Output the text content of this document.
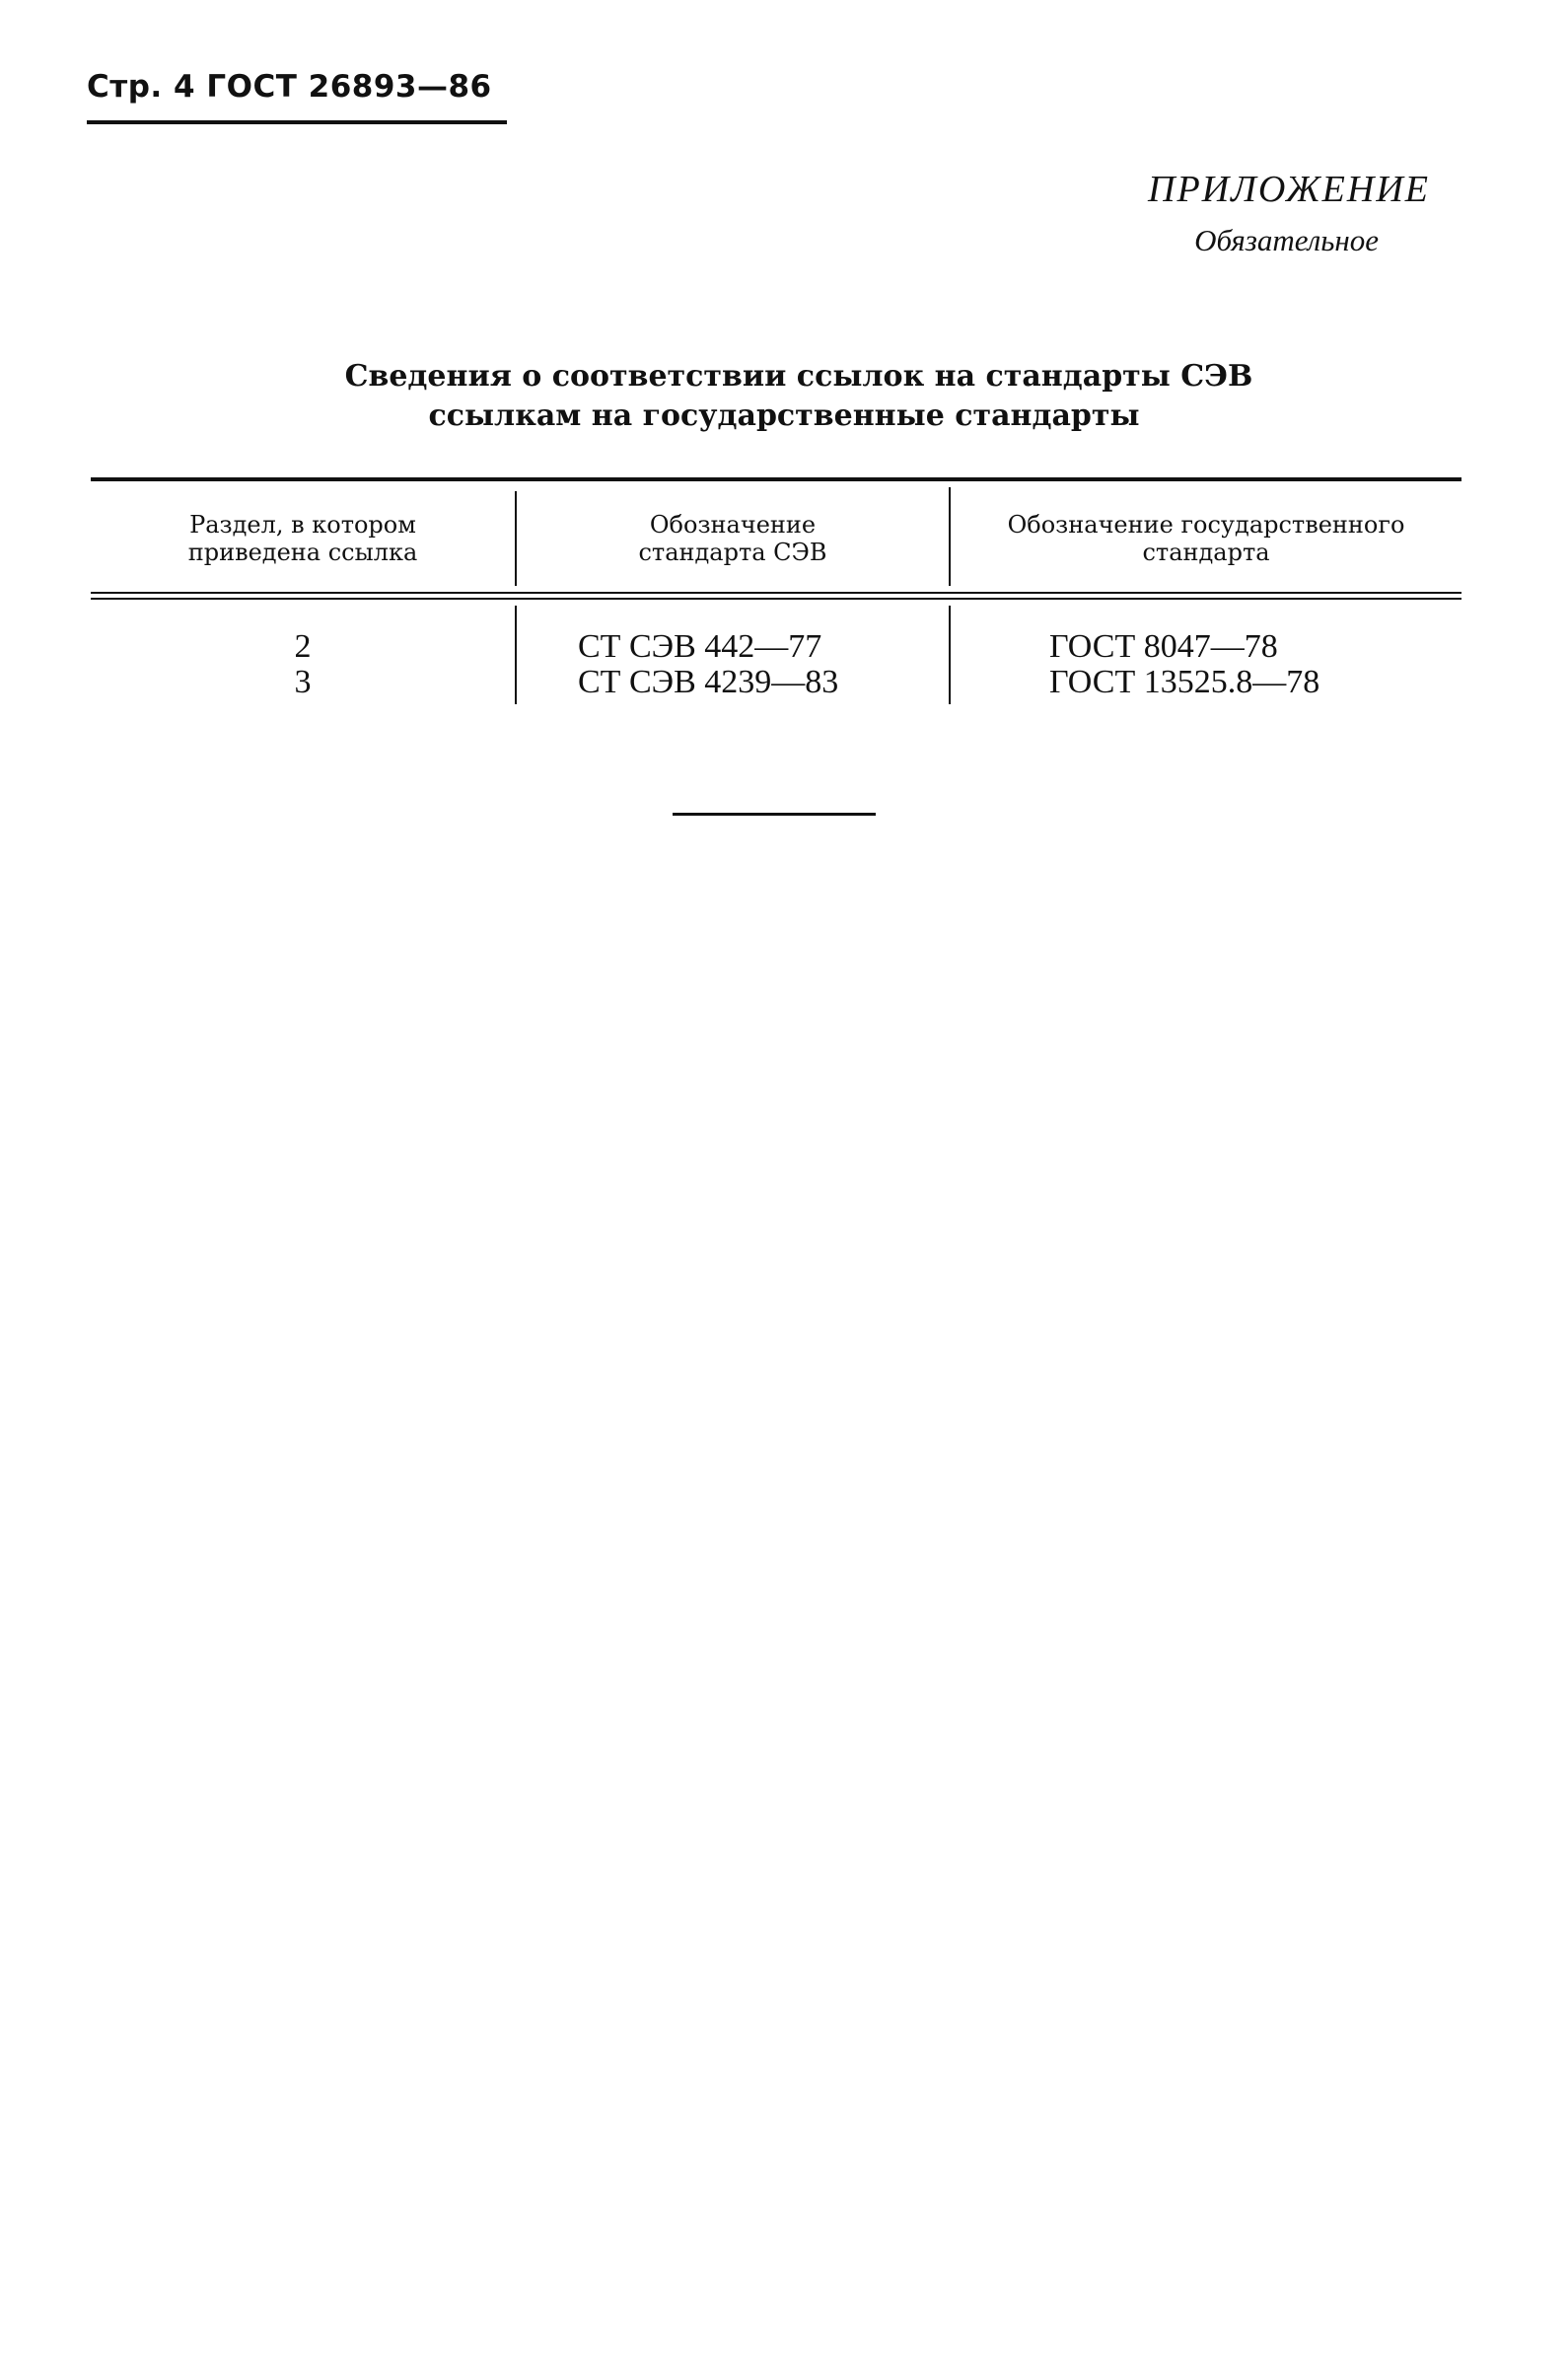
Стр. 4 ГОСТ 26893—86
ПРИЛОЖЕНИЕ
Обязательное
Сведения о соответствии ссылок на стандарты СЭВ
ссылкам на государственные стандарты
Раздел, в котором
приведена ссылка
Обозначение
стандарта СЭВ
Обозначение государственного
стандарта
2
3
СТ СЭВ 442—77
СТ СЭВ 4239—83
ГОСТ 8047—78
ГОСТ 13525.8—78
